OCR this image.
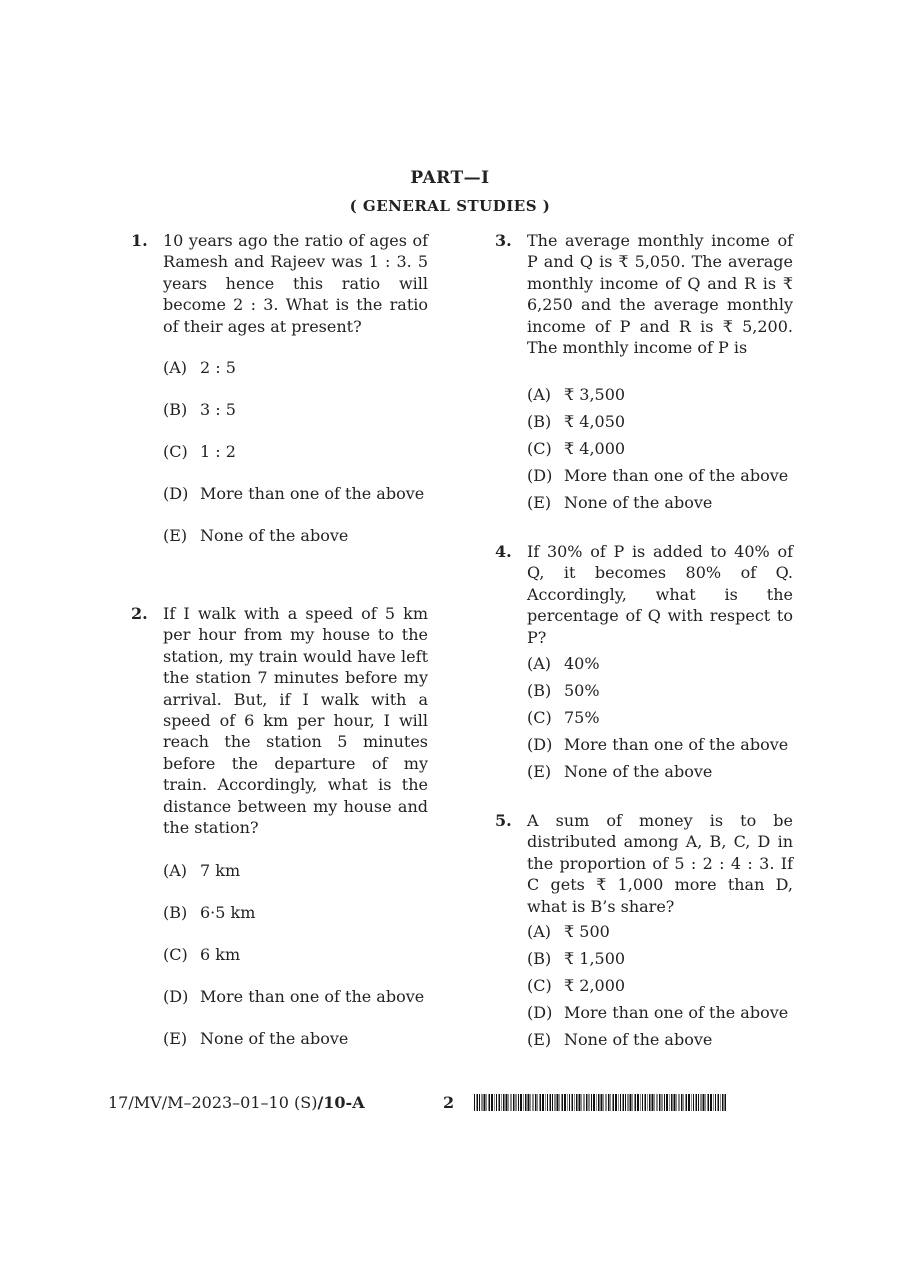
PART—I
( GENERAL STUDIES )
1. 10 years ago the ratio of ages of Ramesh and Rajeev was 1 : 3. 5 years hence this ratio will become 2 : 3. What is the ratio of their ages at present?
(A) 2 : 5
(B) 3 : 5
(C) 1 : 2
(D) More than one of the above
(E) None of the above
2. If I walk with a speed of 5 km per hour from my house to the station, my train would have left the station 7 minutes before my arrival. But, if I walk with a speed of 6 km per hour, I will reach the station 5 minutes before the departure of my train. Accordingly, what is the distance between my house and the station?
(A) 7 km
(B) 6·5 km
(C) 6 km
(D) More than one of the above
(E) None of the above
3. The average monthly income of P and Q is ₹ 5,050. The average monthly income of Q and R is ₹ 6,250 and the average monthly income of P and R is ₹ 5,200. The monthly income of P is
(A) ₹ 3,500
(B) ₹ 4,050
(C) ₹ 4,000
(D) More than one of the above
(E) None of the above
4. If 30% of P is added to 40% of Q, it becomes 80% of Q. Accordingly, what is the percentage of Q with respect to P?
(A) 40%
(B) 50%
(C) 75%
(D) More than one of the above
(E) None of the above
5. A sum of money is to be distributed among A, B, C, D in the proportion of 5 : 2 : 4 : 3. If C gets ₹ 1,000 more than D, what is B’s share?
(A) ₹ 500
(B) ₹ 1,500
(C) ₹ 2,000
(D) More than one of the above
(E) None of the above
17/MV/M–2023–01–10 (S)/10-A	2
